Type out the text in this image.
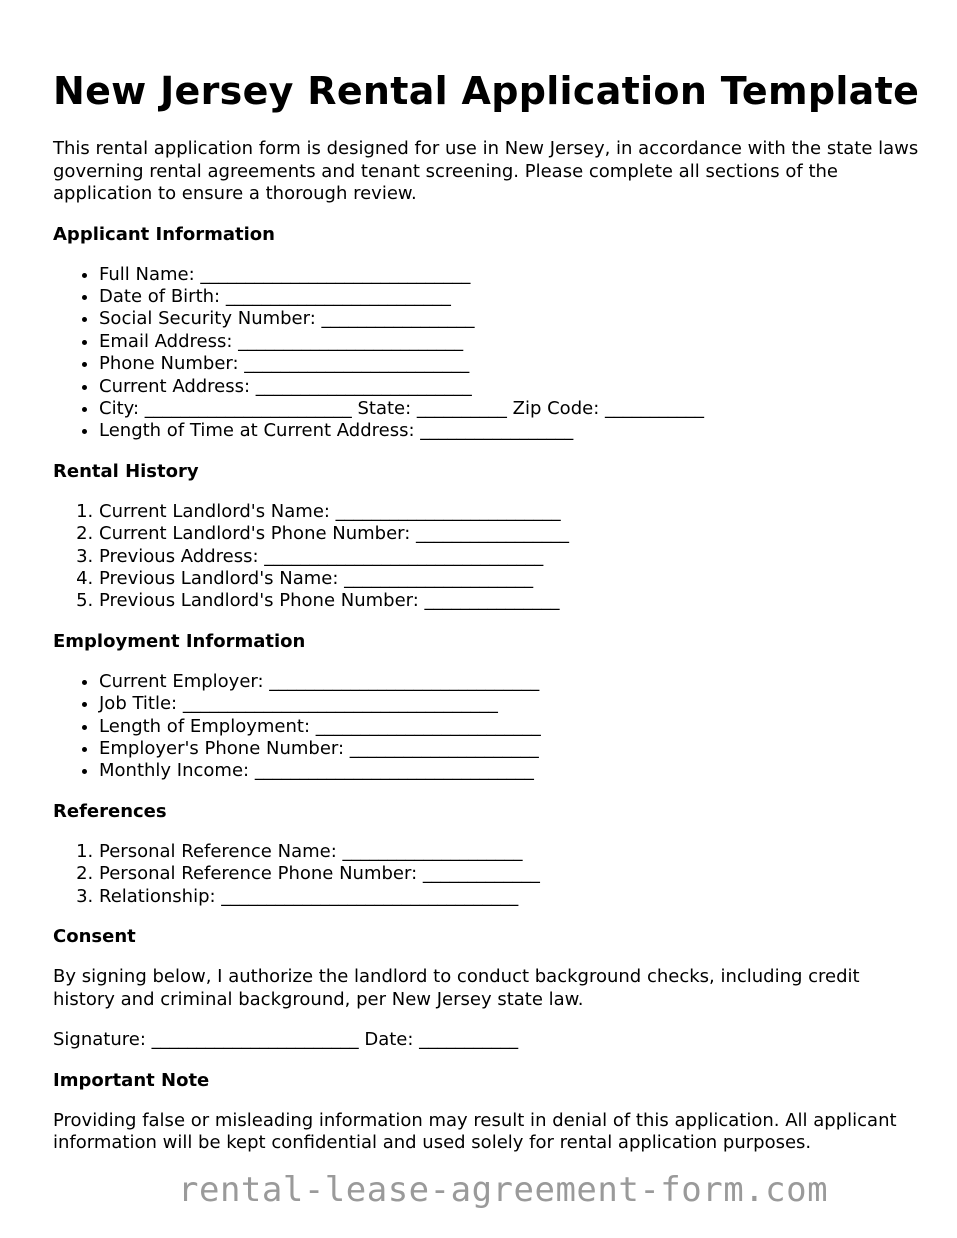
New Jersey Rental Application Template

This rental application form is designed for use in New Jersey, in accordance with the state laws governing rental agreements and tenant screening. Please complete all sections of the application to ensure a thorough review.

Applicant Information
• Full Name: ______________________________
• Date of Birth: _________________________
• Social Security Number: _________________
• Email Address: _________________________
• Phone Number: _________________________
• Current Address: ________________________
• City: _______________________ State: __________ Zip Code: ___________
• Length of Time at Current Address: _________________
Rental History
1. Current Landlord's Name: _________________________
2. Current Landlord's Phone Number: _________________
3. Previous Address: _______________________________
4. Previous Landlord's Name: _____________________
5. Previous Landlord's Phone Number: _______________
Employment Information
• Current Employer: ______________________________
• Job Title: ___________________________________
• Length of Employment: _________________________
• Employer's Phone Number: _____________________
• Monthly Income: _______________________________
References
1. Personal Reference Name: ____________________
2. Personal Reference Phone Number: _____________
3. Relationship: _________________________________
Consent

By signing below, I authorize the landlord to conduct background checks, including credit history and criminal background, per New Jersey state law.

Signature: _______________________ Date: ___________

Important Note

Providing false or misleading information may result in denial of this application. All applicant information will be kept confidential and used solely for rental application purposes.

rental-lease-agreement-form.com
